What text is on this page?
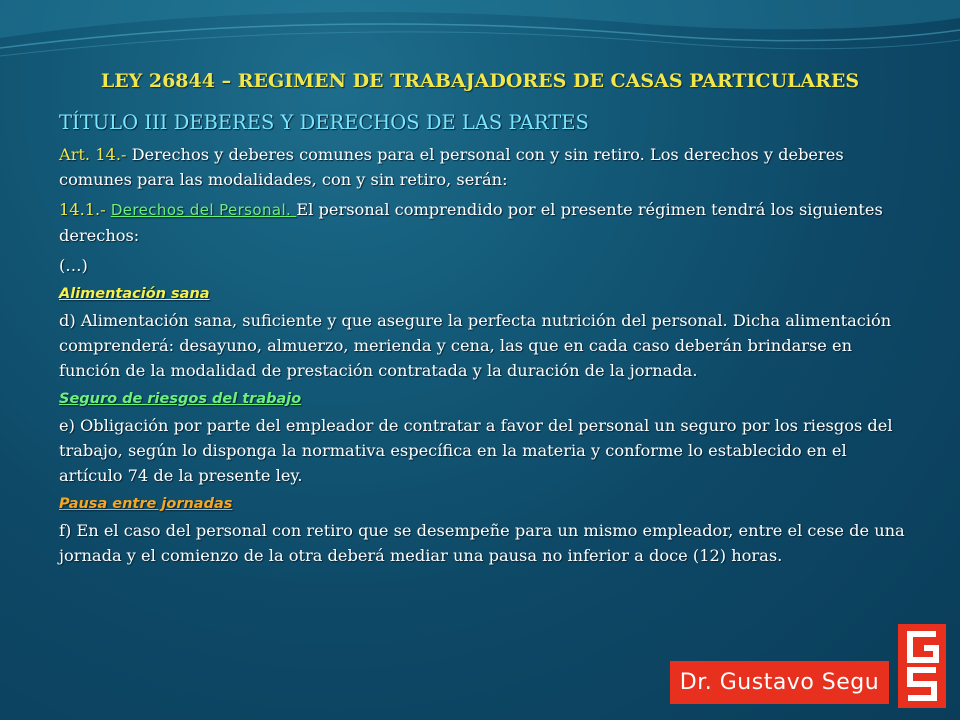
LEY 26844 – REGIMEN DE TRABAJADORES DE CASAS PARTICULARES

TÍTULO III DEBERES Y DERECHOS DE LAS PARTES

Art. 14.- Derechos y deberes comunes para el personal con y sin retiro. Los derechos y deberes comunes para las modalidades, con y sin retiro, serán:

14.1.- Derechos del Personal. El personal comprendido por el presente régimen tendrá los siguientes derechos:

(…)

Alimentación sana

d) Alimentación sana, suficiente y que asegure la perfecta nutrición del personal. Dicha alimentación comprenderá: desayuno, almuerzo, merienda y cena, las que en cada caso deberán brindarse en función de la modalidad de prestación contratada y la duración de la jornada.

Seguro de riesgos del trabajo

e) Obligación por parte del empleador de contratar a favor del personal un seguro por los riesgos del trabajo, según lo disponga la normativa específica en la materia y conforme lo establecido en el artículo 74 de la presente ley.

Pausa entre jornadas

f) En el caso del personal con retiro que se desempeñe para un mismo empleador, entre el cese de una jornada y el comienzo de la otra deberá mediar una pausa no inferior a doce (12) horas.

Dr. Gustavo Segu
